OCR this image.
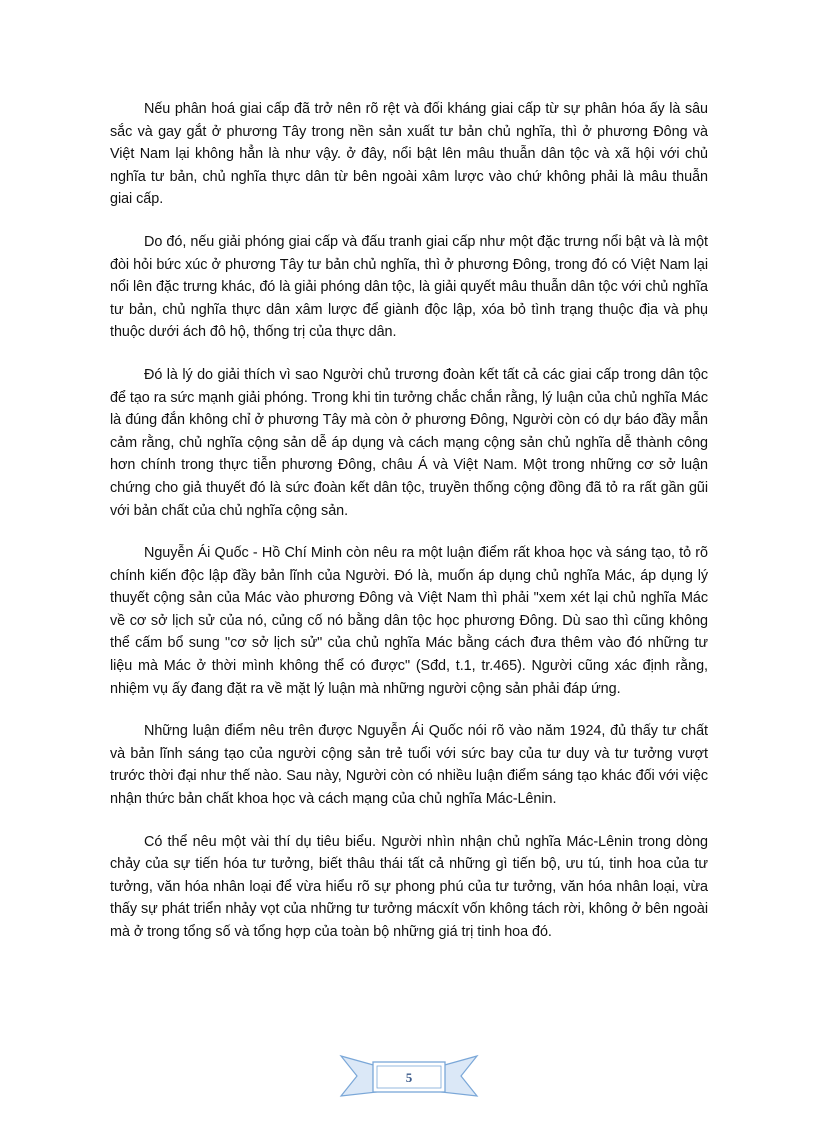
Nếu phân hoá giai cấp đã trở nên rõ rệt và đối kháng giai cấp từ sự phân hóa ấy là sâu sắc và gay gắt ở phương Tây trong nền sản xuất tư bản chủ nghĩa, thì ở phương Đông và Việt Nam lại không hẳn là như vậy. ở đây, nổi bật lên mâu thuẫn dân tộc và xã hội với chủ nghĩa tư bản, chủ nghĩa thực dân từ bên ngoài xâm lược vào chứ không phải là mâu thuẫn giai cấp.

Do đó, nếu giải phóng giai cấp và đấu tranh giai cấp như một đặc trưng nổi bật và là một đòi hỏi bức xúc ở phương Tây tư bản chủ nghĩa, thì ở phương Đông, trong đó có Việt Nam lại nổi lên đặc trưng khác, đó là giải phóng dân tộc, là giải quyết mâu thuẫn dân tộc với chủ nghĩa tư bản, chủ nghĩa thực dân xâm lược để giành độc lập, xóa bỏ tình trạng thuộc địa và phụ thuộc dưới ách đô hộ, thống trị của thực dân.

Đó là lý do giải thích vì sao Người chủ trương đoàn kết tất cả các giai cấp trong dân tộc để tạo ra sức mạnh giải phóng. Trong khi tin tưởng chắc chắn rằng, lý luận của chủ nghĩa Mác là đúng đắn không chỉ ở phương Tây mà còn ở phương Đông, Người còn có dự báo đầy mẫn cảm rằng, chủ nghĩa cộng sản dễ áp dụng và cách mạng cộng sản chủ nghĩa dễ thành công hơn chính trong thực tiễn phương Đông, châu Á và Việt Nam. Một trong những cơ sở luận chứng cho giả thuyết đó là sức đoàn kết dân tộc, truyền thống cộng đồng đã tỏ ra rất gần gũi với bản chất của chủ nghĩa cộng sản.

Nguyễn Ái Quốc - Hồ Chí Minh còn nêu ra một luận điểm rất khoa học và sáng tạo, tỏ rõ chính kiến độc lập đầy bản lĩnh của Người. Đó là, muốn áp dụng chủ nghĩa Mác, áp dụng lý thuyết cộng sản của Mác vào phương Đông và Việt Nam thì phải "xem xét lại chủ nghĩa Mác về cơ sở lịch sử của nó, củng cố nó bằng dân tộc học phương Đông. Dù sao thì cũng không thể cấm bổ sung "cơ sở lịch sử" của chủ nghĩa Mác bằng cách đưa thêm vào đó những tư liệu mà Mác ở thời mình không thể có được" (Sđd, t.1, tr.465). Người cũng xác định rằng, nhiệm vụ ấy đang đặt ra về mặt lý luận mà những người cộng sản phải đáp ứng.

Những luận điểm nêu trên được Nguyễn Ái Quốc nói rõ vào năm 1924, đủ thấy tư chất và bản lĩnh sáng tạo của người cộng sản trẻ tuổi với sức bay của tư duy và tư tưởng vượt trước thời đại như thế nào. Sau này, Người còn có nhiều luận điểm sáng tạo khác đối với việc nhận thức bản chất khoa học và cách mạng của chủ nghĩa Mác-Lênin.

Có thể nêu một vài thí dụ tiêu biểu. Người nhìn nhận chủ nghĩa Mác-Lênin trong dòng chảy của sự tiến hóa tư tưởng, biết thâu thái tất cả những gì tiến bộ, ưu tú, tinh hoa của tư tưởng, văn hóa nhân loại để vừa hiểu rõ sự phong phú của tư tưởng, văn hóa nhân loại, vừa thấy sự phát triển nhảy vọt của những tư tưởng mácxít vốn không tách rời, không ở bên ngoài mà ở trong tổng số và tổng hợp của toàn bộ những giá trị tinh hoa đó.

5
